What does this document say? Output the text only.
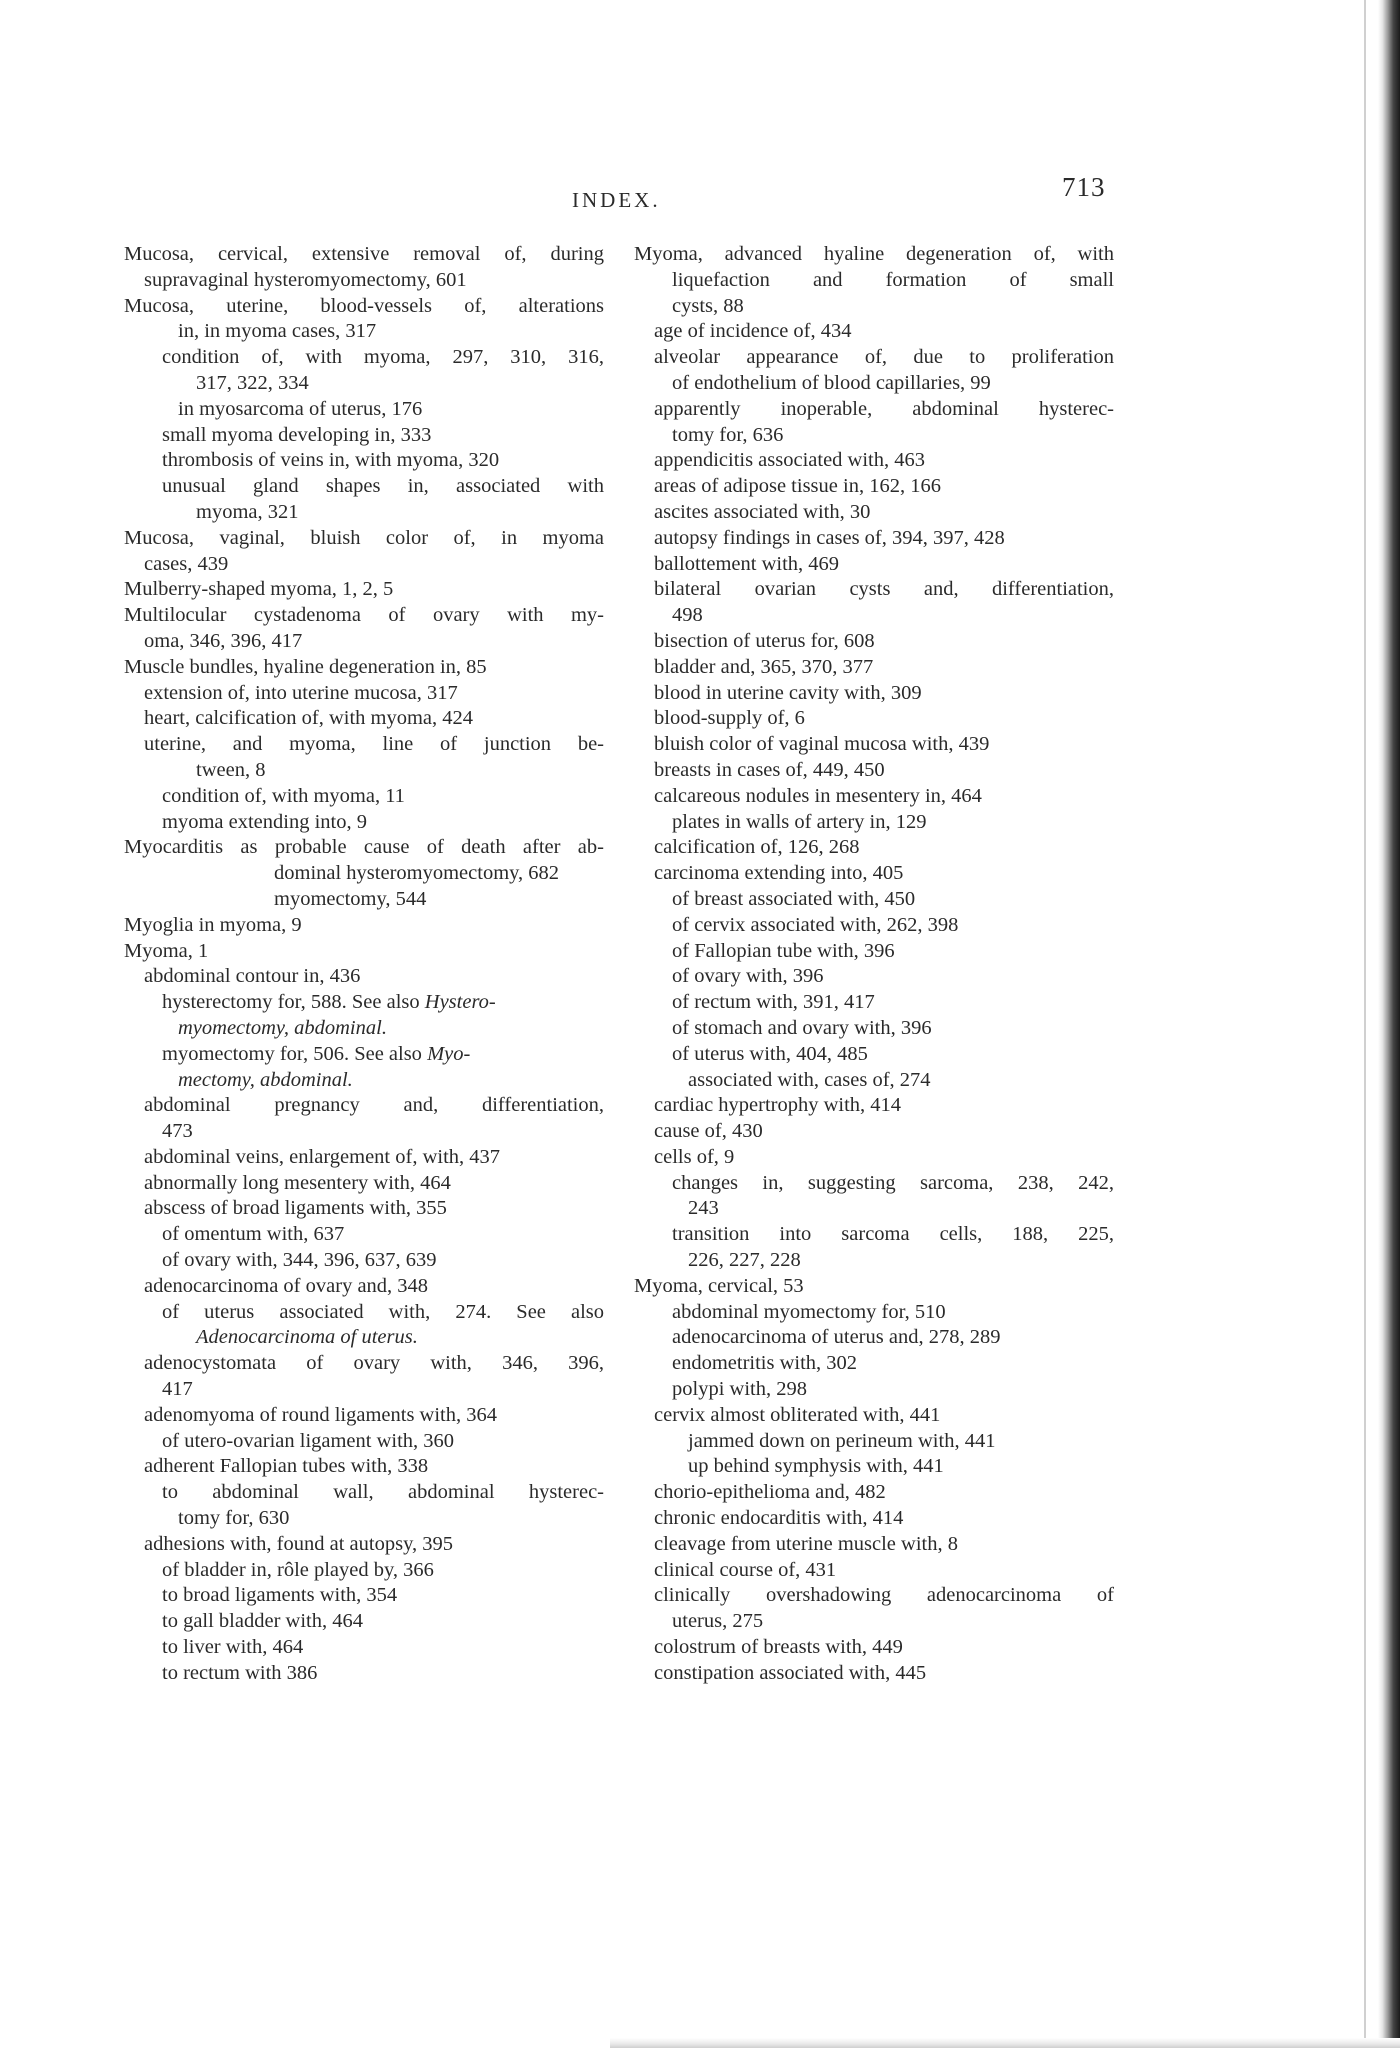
INDEX.	713
Mucosa, cervical, extensive removal of, during
supravaginal hysteromyomectomy, 601
Mucosa, uterine, blood-vessels of, alterations
in, in myoma cases, 317
condition of, with myoma, 297, 310, 316,
317, 322, 334
in myosarcoma of uterus, 176
small myoma developing in, 333
thrombosis of veins in, with myoma, 320
unusual gland shapes in, associated with
myoma, 321
Mucosa, vaginal, bluish color of, in myoma
cases, 439
Mulberry-shaped myoma, 1, 2, 5
Multilocular cystadenoma of ovary with my-
oma, 346, 396, 417
Muscle bundles, hyaline degeneration in, 85
extension of, into uterine mucosa, 317
heart, calcification of, with myoma, 424
uterine, and myoma, line of junction be-
tween, 8
condition of, with myoma, 11
myoma extending into, 9
Myocarditis as probable cause of death after ab-
dominal hysteromyomectomy, 682
myomectomy, 544
Myoglia in myoma, 9
Myoma, 1
abdominal contour in, 436
hysterectomy for, 588. See also Hystero-
myomectomy, abdominal.
myomectomy for, 506. See also Myo-
mectomy, abdominal.
abdominal pregnancy and, differentiation,
473
abdominal veins, enlargement of, with, 437
abnormally long mesentery with, 464
abscess of broad ligaments with, 355
of omentum with, 637
of ovary with, 344, 396, 637, 639
adenocarcinoma of ovary and, 348
of uterus associated with, 274. See also
Adenocarcinoma of uterus.
adenocystomata of ovary with, 346, 396,
417
adenomyoma of round ligaments with, 364
of utero-ovarian ligament with, 360
adherent Fallopian tubes with, 338
to abdominal wall, abdominal hysterec-
tomy for, 630
adhesions with, found at autopsy, 395
of bladder in, rôle played by, 366
to broad ligaments with, 354
to gall bladder with, 464
to liver with, 464
to rectum with 386
Myoma, advanced hyaline degeneration of, with
liquefaction and formation of small
cysts, 88
age of incidence of, 434
alveolar appearance of, due to proliferation
of endothelium of blood capillaries, 99
apparently inoperable, abdominal hysterec-
tomy for, 636
appendicitis associated with, 463
areas of adipose tissue in, 162, 166
ascites associated with, 30
autopsy findings in cases of, 394, 397, 428
ballottement with, 469
bilateral ovarian cysts and, differentiation,
498
bisection of uterus for, 608
bladder and, 365, 370, 377
blood in uterine cavity with, 309
blood-supply of, 6
bluish color of vaginal mucosa with, 439
breasts in cases of, 449, 450
calcareous nodules in mesentery in, 464
plates in walls of artery in, 129
calcification of, 126, 268
carcinoma extending into, 405
of breast associated with, 450
of cervix associated with, 262, 398
of Fallopian tube with, 396
of ovary with, 396
of rectum with, 391, 417
of stomach and ovary with, 396
of uterus with, 404, 485
associated with, cases of, 274
cardiac hypertrophy with, 414
cause of, 430
cells of, 9
changes in, suggesting sarcoma, 238, 242,
243
transition into sarcoma cells, 188, 225,
226, 227, 228
Myoma, cervical, 53
abdominal myomectomy for, 510
adenocarcinoma of uterus and, 278, 289
endometritis with, 302
polypi with, 298
cervix almost obliterated with, 441
jammed down on perineum with, 441
up behind symphysis with, 441
chorio-epithelioma and, 482
chronic endocarditis with, 414
cleavage from uterine muscle with, 8
clinical course of, 431
clinically overshadowing adenocarcinoma of
uterus, 275
colostrum of breasts with, 449
constipation associated with, 445
